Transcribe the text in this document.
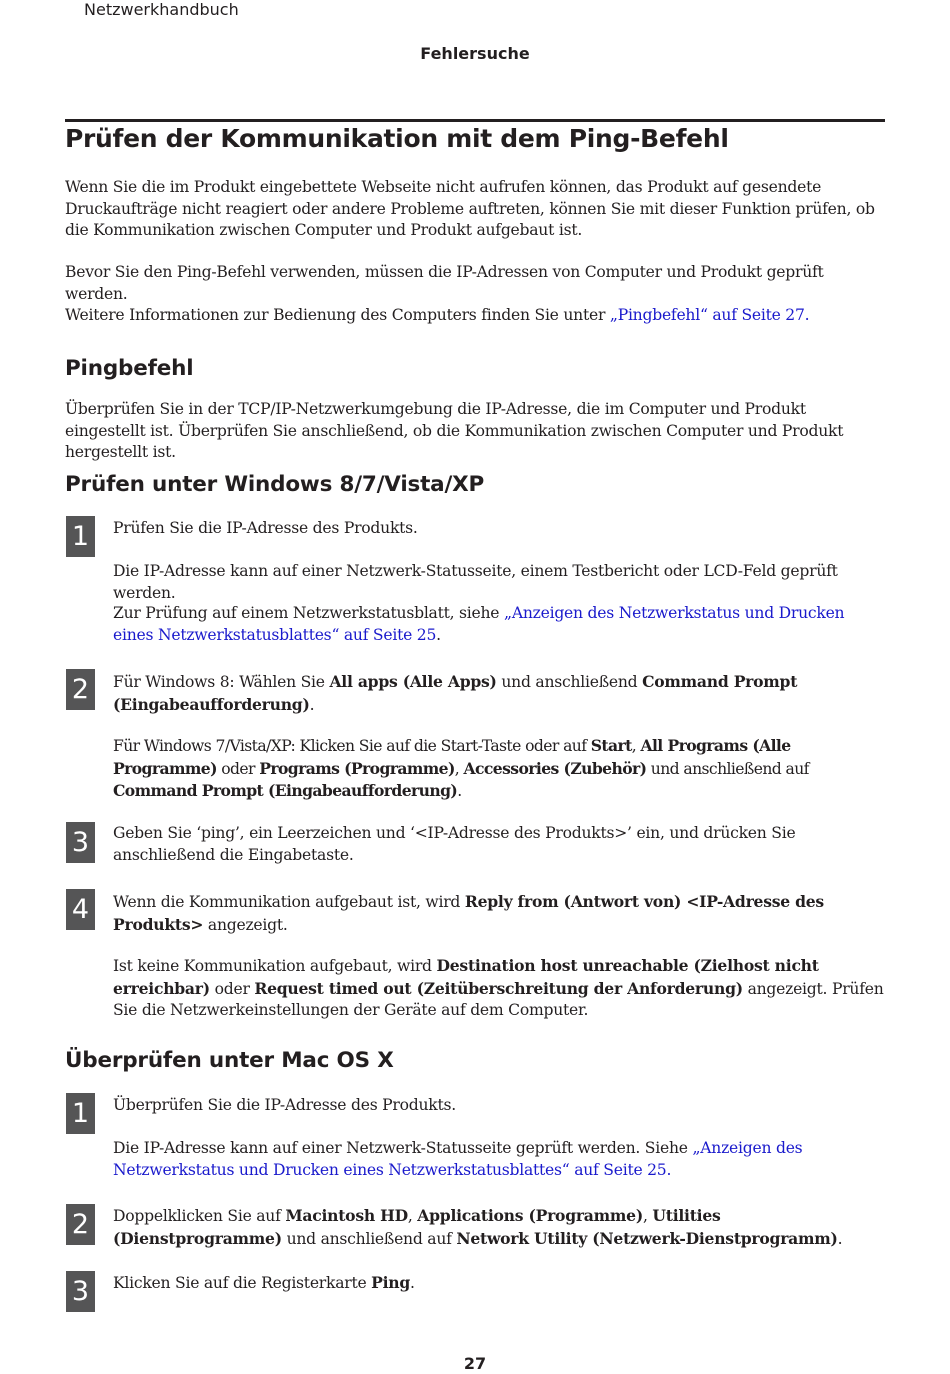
Netzwerkhandbuch
Fehlersuche
Prüfen der Kommunikation mit dem Ping-Befehl
Wenn Sie die im Produkt eingebettete Webseite nicht aufrufen können, das Produkt auf gesendete Druckaufträge nicht reagiert oder andere Probleme auftreten, können Sie mit dieser Funktion prüfen, ob die Kommunikation zwischen Computer und Produkt aufgebaut ist.
Bevor Sie den Ping-Befehl verwenden, müssen die IP-Adressen von Computer und Produkt geprüft werden.
Weitere Informationen zur Bedienung des Computers finden Sie unter „Pingbefehl“ auf Seite 27.
Pingbefehl
Überprüfen Sie in der TCP/IP-Netzwerkumgebung die IP-Adresse, die im Computer und Produkt eingestellt ist. Überprüfen Sie anschließend, ob die Kommunikation zwischen Computer und Produkt hergestellt ist.
Prüfen unter Windows 8/7/Vista/XP
1	Prüfen Sie die IP-Adresse des Produkts.
Die IP-Adresse kann auf einer Netzwerk-Statusseite, einem Testbericht oder LCD-Feld geprüft werden.
Zur Prüfung auf einem Netzwerkstatusblatt, siehe „Anzeigen des Netzwerkstatus und Drucken eines Netzwerkstatusblattes“ auf Seite 25.
2	Für Windows 8: Wählen Sie All apps (Alle Apps) und anschließend Command Prompt (Eingabeaufforderung).
Für Windows 7/Vista/XP: Klicken Sie auf die Start-Taste oder auf Start, All Programs (Alle Programme) oder Programs (Programme), Accessories (Zubehör) und anschließend auf Command Prompt (Eingabeaufforderung).
3	Geben Sie ‘ping’, ein Leerzeichen und ‘<IP-Adresse des Produkts>’ ein, und drücken Sie anschließend die Eingabetaste.
4	Wenn die Kommunikation aufgebaut ist, wird Reply from (Antwort von) <IP-Adresse des Produkts> angezeigt.
Ist keine Kommunikation aufgebaut, wird Destination host unreachable (Zielhost nicht erreichbar) oder Request timed out (Zeitüberschreitung der Anforderung) angezeigt. Prüfen Sie die Netzwerkeinstellungen der Geräte auf dem Computer.
Überprüfen unter Mac OS X
1	Überprüfen Sie die IP-Adresse des Produkts.
Die IP-Adresse kann auf einer Netzwerk-Statusseite geprüft werden. Siehe „Anzeigen des Netzwerkstatus und Drucken eines Netzwerkstatusblattes“ auf Seite 25.
2	Doppelklicken Sie auf Macintosh HD, Applications (Programme), Utilities (Dienstprogramme) und anschließend auf Network Utility (Netzwerk-Dienstprogramm).
3	Klicken Sie auf die Registerkarte Ping.
27
